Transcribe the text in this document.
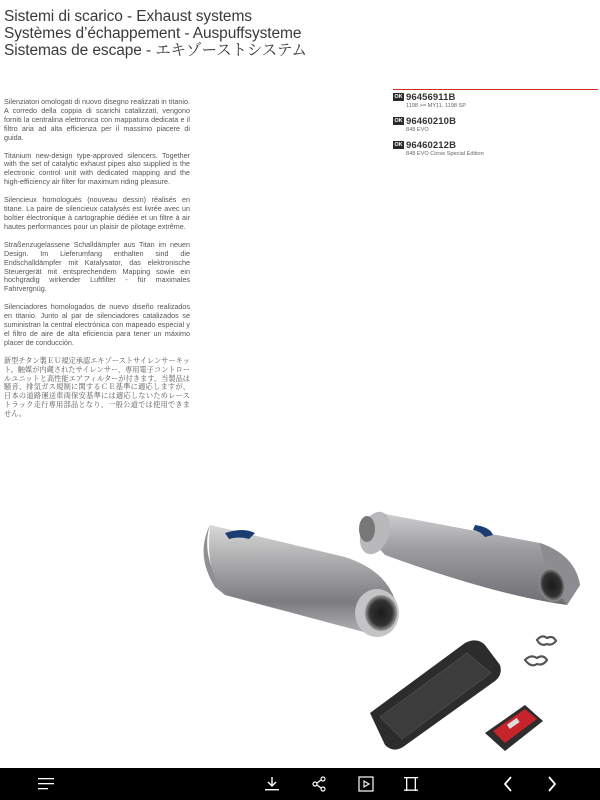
Sistemi di scarico - Exhaust systems
Systèmes d’échappement - Auspuffsysteme
Sistemas de escape - エキゾーストシステム

Silenziatori omologati di nuovo disegno realizzati in titanio. A corredo della coppia di scarichi catalizzati, vengono forniti la centralina elettronica con mappatura dedicata e il filtro aria ad alta efficienza per il massimo piacere di guida.

Titanium new-design type-approved silencers. Together with the set of catalytic exhaust pipes also supplied is the electronic control unit with dedicated mapping and the high-efficiency air filter for maximum riding pleasure.

Silencieux homologués (nouveau dessin) réalisés en titane. La paire de silencieux catalysés est livrée avec un boîtier électronique à cartographie dédiée et un filtre à air hautes performances pour un plaisir de pilotage extrême.

Straßenzugelassene Schalldämpfer aus Titan im neuen Design. Im Lieferumfang enthalten sind die Endschalldämpfer mit Katalysator, das elektronische Steuergerät mit entsprechendem Mapping sowie ein hochgradig wirkender Luftfilter - für maximales Fahrvergnüg.

Silenciadores homologados de nuevo diseño realizados en titanio. Junto al par de silenciadores catalizados se suministran la central electrónica con mapeado especial y el filtro de aire de alta eficiencia para tener un máximo placer de conducción.

新型チタン製ＥＵ規定承認エキゾーストサイレンサーキット。触媒が内蔵されたサイレンサー、専用電子コントロールユニットと高性能エアフィルターが付きます。当製品は騒音、排気ガス規制に関するＣＥ基準に適応しますが、日本の道路運送車両保安基準には適応しないためレーストラック走行専用部品となり、一般公道では使用できません。

OK 96456911B
1198 >= MY11, 1198 SP
OK 96460210B
848 EVO
OK 96460212B
848 EVO Corse Special Edition
